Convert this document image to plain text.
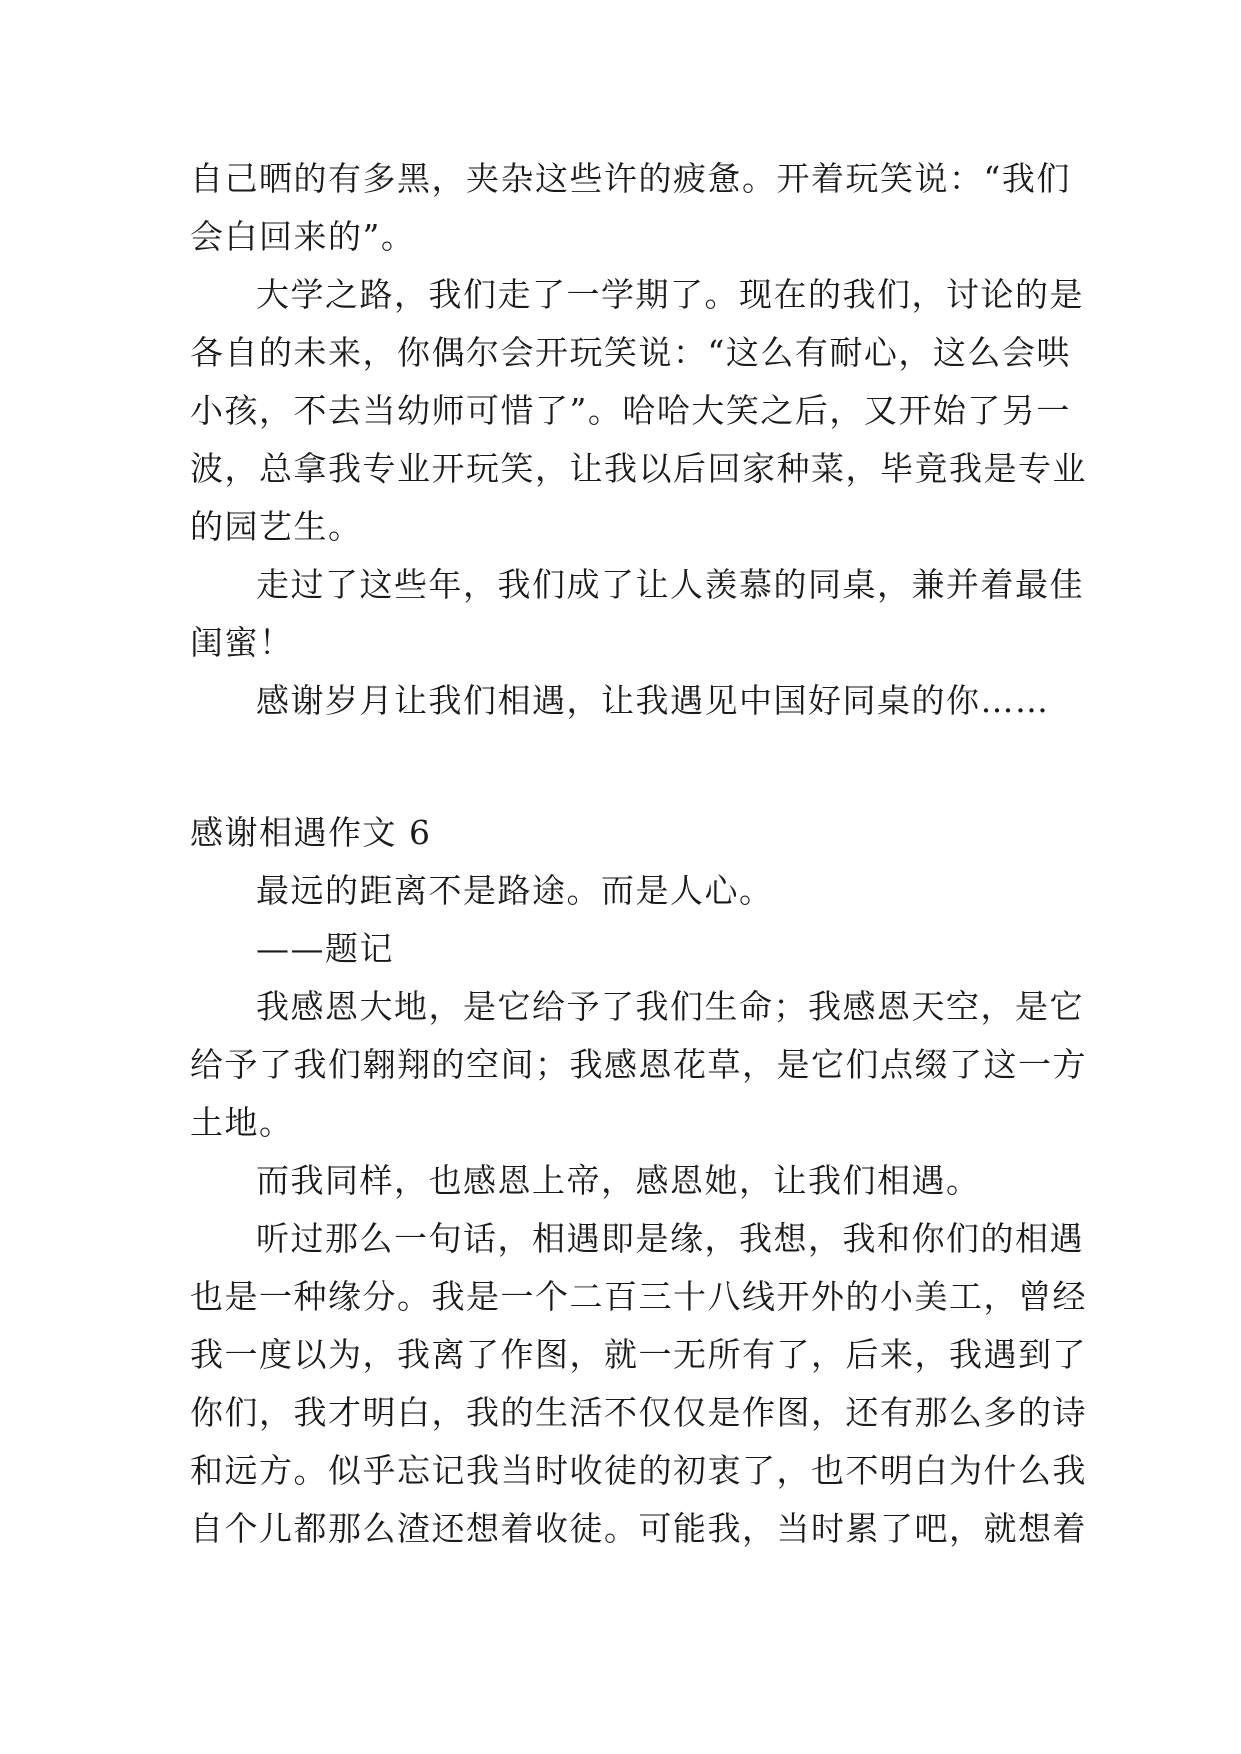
自己晒的有多黑，夹杂这些许的疲惫。开着玩笑说：“我们
会白回来的”。
大学之路，我们走了一学期了。现在的我们，讨论的是
各自的未来，你偶尔会开玩笑说：“这么有耐心，这么会哄
小孩，不去当幼师可惜了”。哈哈大笑之后，又开始了另一
波，总拿我专业开玩笑，让我以后回家种菜，毕竟我是专业
的园艺生。
走过了这些年，我们成了让人羡慕的同桌，兼并着最佳
闺蜜！
感谢岁月让我们相遇，让我遇见中国好同桌的你……
感谢相遇作文 6
最远的距离不是路途。而是人心。
——题记
我感恩大地，是它给予了我们生命；我感恩天空，是它
给予了我们翱翔的空间；我感恩花草，是它们点缀了这一方
土地。
而我同样，也感恩上帝，感恩她，让我们相遇。
听过那么一句话，相遇即是缘，我想，我和你们的相遇
也是一种缘分。我是一个二百三十八线开外的小美工，曾经
我一度以为，我离了作图，就一无所有了，后来，我遇到了
你们，我才明白，我的生活不仅仅是作图，还有那么多的诗
和远方。似乎忘记我当时收徒的初衷了，也不明白为什么我
自个儿都那么渣还想着收徒。可能我，当时累了吧，就想着
